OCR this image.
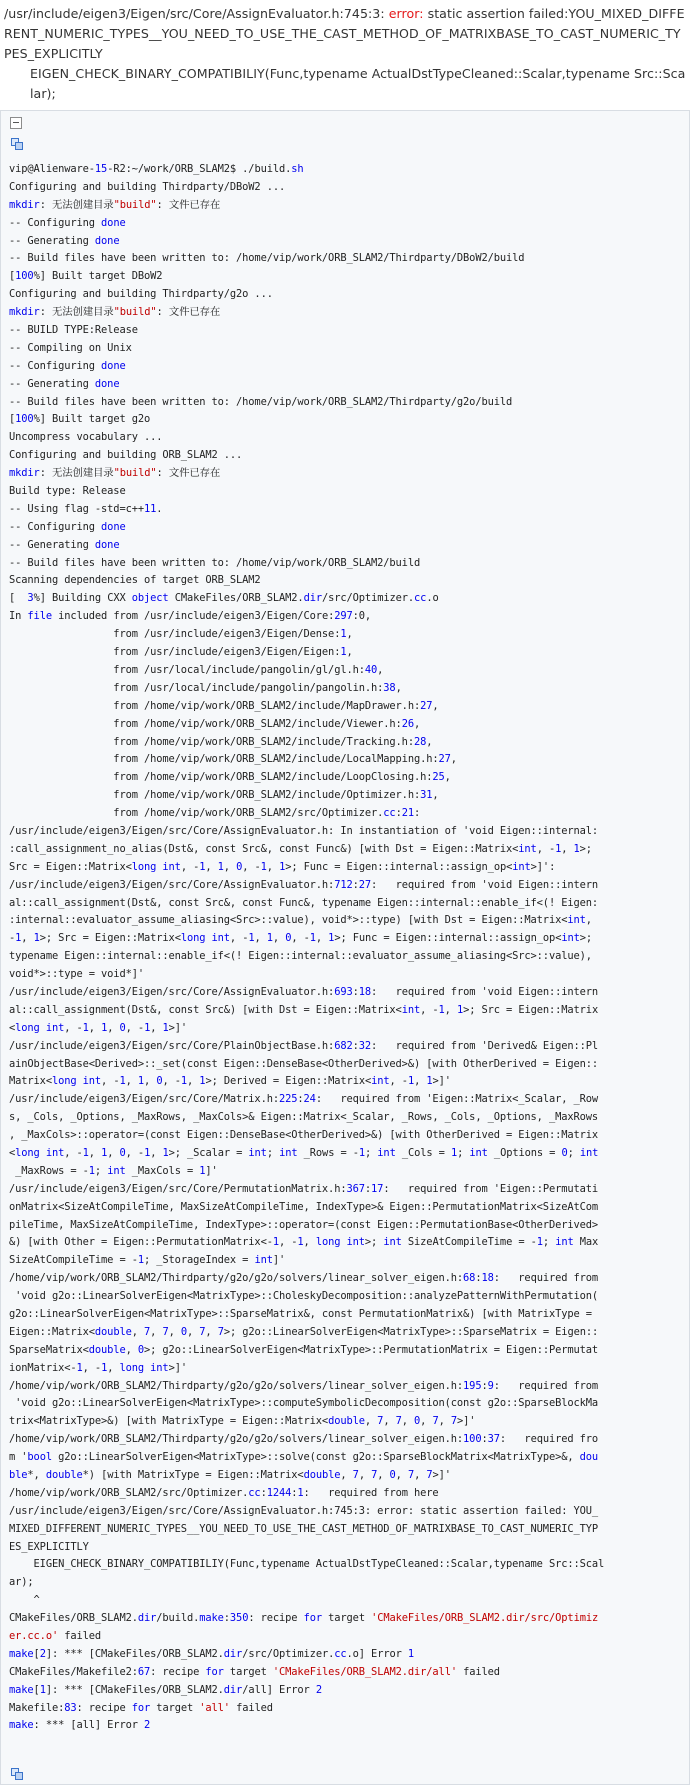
/usr/include/eigen3/Eigen/src/Core/AssignEvaluator.h:745:3: error: static assertion failed:YOU_MIXED_DIFFERENT_NUMERIC_TYPES__YOU_NEED_TO_USE_THE_CAST_METHOD_OF_MATRIXBASE_TO_CAST_NUMERIC_TYPES_EXPLICITLY
EIGEN_CHECK_BINARY_COMPATIBILIY(Func,typename ActualDstTypeCleaned::Scalar,typename Src::Scalar);
vip@Alienware-15-R2:~/work/ORB_SLAM2$ ./build.sh
Configuring and building Thirdparty/DBoW2 ...
mkdir: 无法创建目录"build": 文件已存在
-- Configuring done
-- Generating done
-- Build files have been written to: /home/vip/work/ORB_SLAM2/Thirdparty/DBoW2/build
[100%] Built target DBoW2
Configuring and building Thirdparty/g2o ...
mkdir: 无法创建目录"build": 文件已存在
-- BUILD TYPE:Release
-- Compiling on Unix
-- Configuring done
-- Generating done
-- Build files have been written to: /home/vip/work/ORB_SLAM2/Thirdparty/g2o/build
[100%] Built target g2o
Uncompress vocabulary ...
Configuring and building ORB_SLAM2 ...
mkdir: 无法创建目录"build": 文件已存在
Build type: Release
-- Using flag -std=c++11.
-- Configuring done
-- Generating done
-- Build files have been written to: /home/vip/work/ORB_SLAM2/build
Scanning dependencies of target ORB_SLAM2
[  3%] Building CXX object CMakeFiles/ORB_SLAM2.dir/src/Optimizer.cc.o
In file included from /usr/include/eigen3/Eigen/Core:297:0,
from /usr/include/eigen3/Eigen/Dense:1,
from /usr/include/eigen3/Eigen/Eigen:1,
from /usr/local/include/pangolin/gl/gl.h:40,
from /usr/local/include/pangolin/pangolin.h:38,
from /home/vip/work/ORB_SLAM2/include/MapDrawer.h:27,
from /home/vip/work/ORB_SLAM2/include/Viewer.h:26,
from /home/vip/work/ORB_SLAM2/include/Tracking.h:28,
from /home/vip/work/ORB_SLAM2/include/LocalMapping.h:27,
from /home/vip/work/ORB_SLAM2/include/LoopClosing.h:25,
from /home/vip/work/ORB_SLAM2/include/Optimizer.h:31,
from /home/vip/work/ORB_SLAM2/src/Optimizer.cc:21:
/usr/include/eigen3/Eigen/src/Core/AssignEvaluator.h: In instantiation of 'void Eigen::internal:
:call_assignment_no_alias(Dst&, const Src&, const Func&) [with Dst = Eigen::Matrix<int, -1, 1>;
Src = Eigen::Matrix<long int, -1, 1, 0, -1, 1>; Func = Eigen::internal::assign_op<int>]':
/usr/include/eigen3/Eigen/src/Core/AssignEvaluator.h:712:27:   required from 'void Eigen::intern
al::call_assignment(Dst&, const Src&, const Func&, typename Eigen::internal::enable_if<(! Eigen:
:internal::evaluator_assume_aliasing<Src>::value), void*>::type) [with Dst = Eigen::Matrix<int,
-1, 1>; Src = Eigen::Matrix<long int, -1, 1, 0, -1, 1>; Func = Eigen::internal::assign_op<int>;
typename Eigen::internal::enable_if<(! Eigen::internal::evaluator_assume_aliasing<Src>::value),
void*>::type = void*]'
/usr/include/eigen3/Eigen/src/Core/AssignEvaluator.h:693:18:   required from 'void Eigen::intern
al::call_assignment(Dst&, const Src&) [with Dst = Eigen::Matrix<int, -1, 1>; Src = Eigen::Matrix
<long int, -1, 1, 0, -1, 1>]'
/usr/include/eigen3/Eigen/src/Core/PlainObjectBase.h:682:32:   required from 'Derived& Eigen::Pl
ainObjectBase<Derived>::_set(const Eigen::DenseBase<OtherDerived>&) [with OtherDerived = Eigen::
Matrix<long int, -1, 1, 0, -1, 1>; Derived = Eigen::Matrix<int, -1, 1>]'
/usr/include/eigen3/Eigen/src/Core/Matrix.h:225:24:   required from 'Eigen::Matrix<_Scalar, _Row
s, _Cols, _Options, _MaxRows, _MaxCols>& Eigen::Matrix<_Scalar, _Rows, _Cols, _Options, _MaxRows
, _MaxCols>::operator=(const Eigen::DenseBase<OtherDerived>&) [with OtherDerived = Eigen::Matrix
<long int, -1, 1, 0, -1, 1>; _Scalar = int; int _Rows = -1; int _Cols = 1; int _Options = 0; int
_MaxRows = -1; int _MaxCols = 1]'
/usr/include/eigen3/Eigen/src/Core/PermutationMatrix.h:367:17:   required from 'Eigen::Permutati
onMatrix<SizeAtCompileTime, MaxSizeAtCompileTime, IndexType>& Eigen::PermutationMatrix<SizeAtCom
pileTime, MaxSizeAtCompileTime, IndexType>::operator=(const Eigen::PermutationBase<OtherDerived>
&) [with Other = Eigen::PermutationMatrix<-1, -1, long int>; int SizeAtCompileTime = -1; int Max
SizeAtCompileTime = -1; _StorageIndex = int]'
/home/vip/work/ORB_SLAM2/Thirdparty/g2o/g2o/solvers/linear_solver_eigen.h:68:18:   required from
'void g2o::LinearSolverEigen<MatrixType>::CholeskyDecomposition::analyzePatternWithPermutation(
g2o::LinearSolverEigen<MatrixType>::SparseMatrix&, const PermutationMatrix&) [with MatrixType =
Eigen::Matrix<double, 7, 7, 0, 7, 7>; g2o::LinearSolverEigen<MatrixType>::SparseMatrix = Eigen::
SparseMatrix<double, 0>; g2o::LinearSolverEigen<MatrixType>::PermutationMatrix = Eigen::Permutat
ionMatrix<-1, -1, long int>]'
/home/vip/work/ORB_SLAM2/Thirdparty/g2o/g2o/solvers/linear_solver_eigen.h:195:9:   required from
'void g2o::LinearSolverEigen<MatrixType>::computeSymbolicDecomposition(const g2o::SparseBlockMa
trix<MatrixType>&) [with MatrixType = Eigen::Matrix<double, 7, 7, 0, 7, 7>]'
/home/vip/work/ORB_SLAM2/Thirdparty/g2o/g2o/solvers/linear_solver_eigen.h:100:37:   required fro
m 'bool g2o::LinearSolverEigen<MatrixType>::solve(const g2o::SparseBlockMatrix<MatrixType>&, dou
ble*, double*) [with MatrixType = Eigen::Matrix<double, 7, 7, 0, 7, 7>]'
/home/vip/work/ORB_SLAM2/src/Optimizer.cc:1244:1:   required from here
/usr/include/eigen3/Eigen/src/Core/AssignEvaluator.h:745:3: error: static assertion failed: YOU_
MIXED_DIFFERENT_NUMERIC_TYPES__YOU_NEED_TO_USE_THE_CAST_METHOD_OF_MATRIXBASE_TO_CAST_NUMERIC_TYP
ES_EXPLICITLY
EIGEN_CHECK_BINARY_COMPATIBILIY(Func,typename ActualDstTypeCleaned::Scalar,typename Src::Scal
ar);
^
CMakeFiles/ORB_SLAM2.dir/build.make:350: recipe for target 'CMakeFiles/ORB_SLAM2.dir/src/Optimiz
er.cc.o' failed
make[2]: *** [CMakeFiles/ORB_SLAM2.dir/src/Optimizer.cc.o] Error 1
CMakeFiles/Makefile2:67: recipe for target 'CMakeFiles/ORB_SLAM2.dir/all' failed
make[1]: *** [CMakeFiles/ORB_SLAM2.dir/all] Error 2
Makefile:83: recipe for target 'all' failed
make: *** [all] Error 2
